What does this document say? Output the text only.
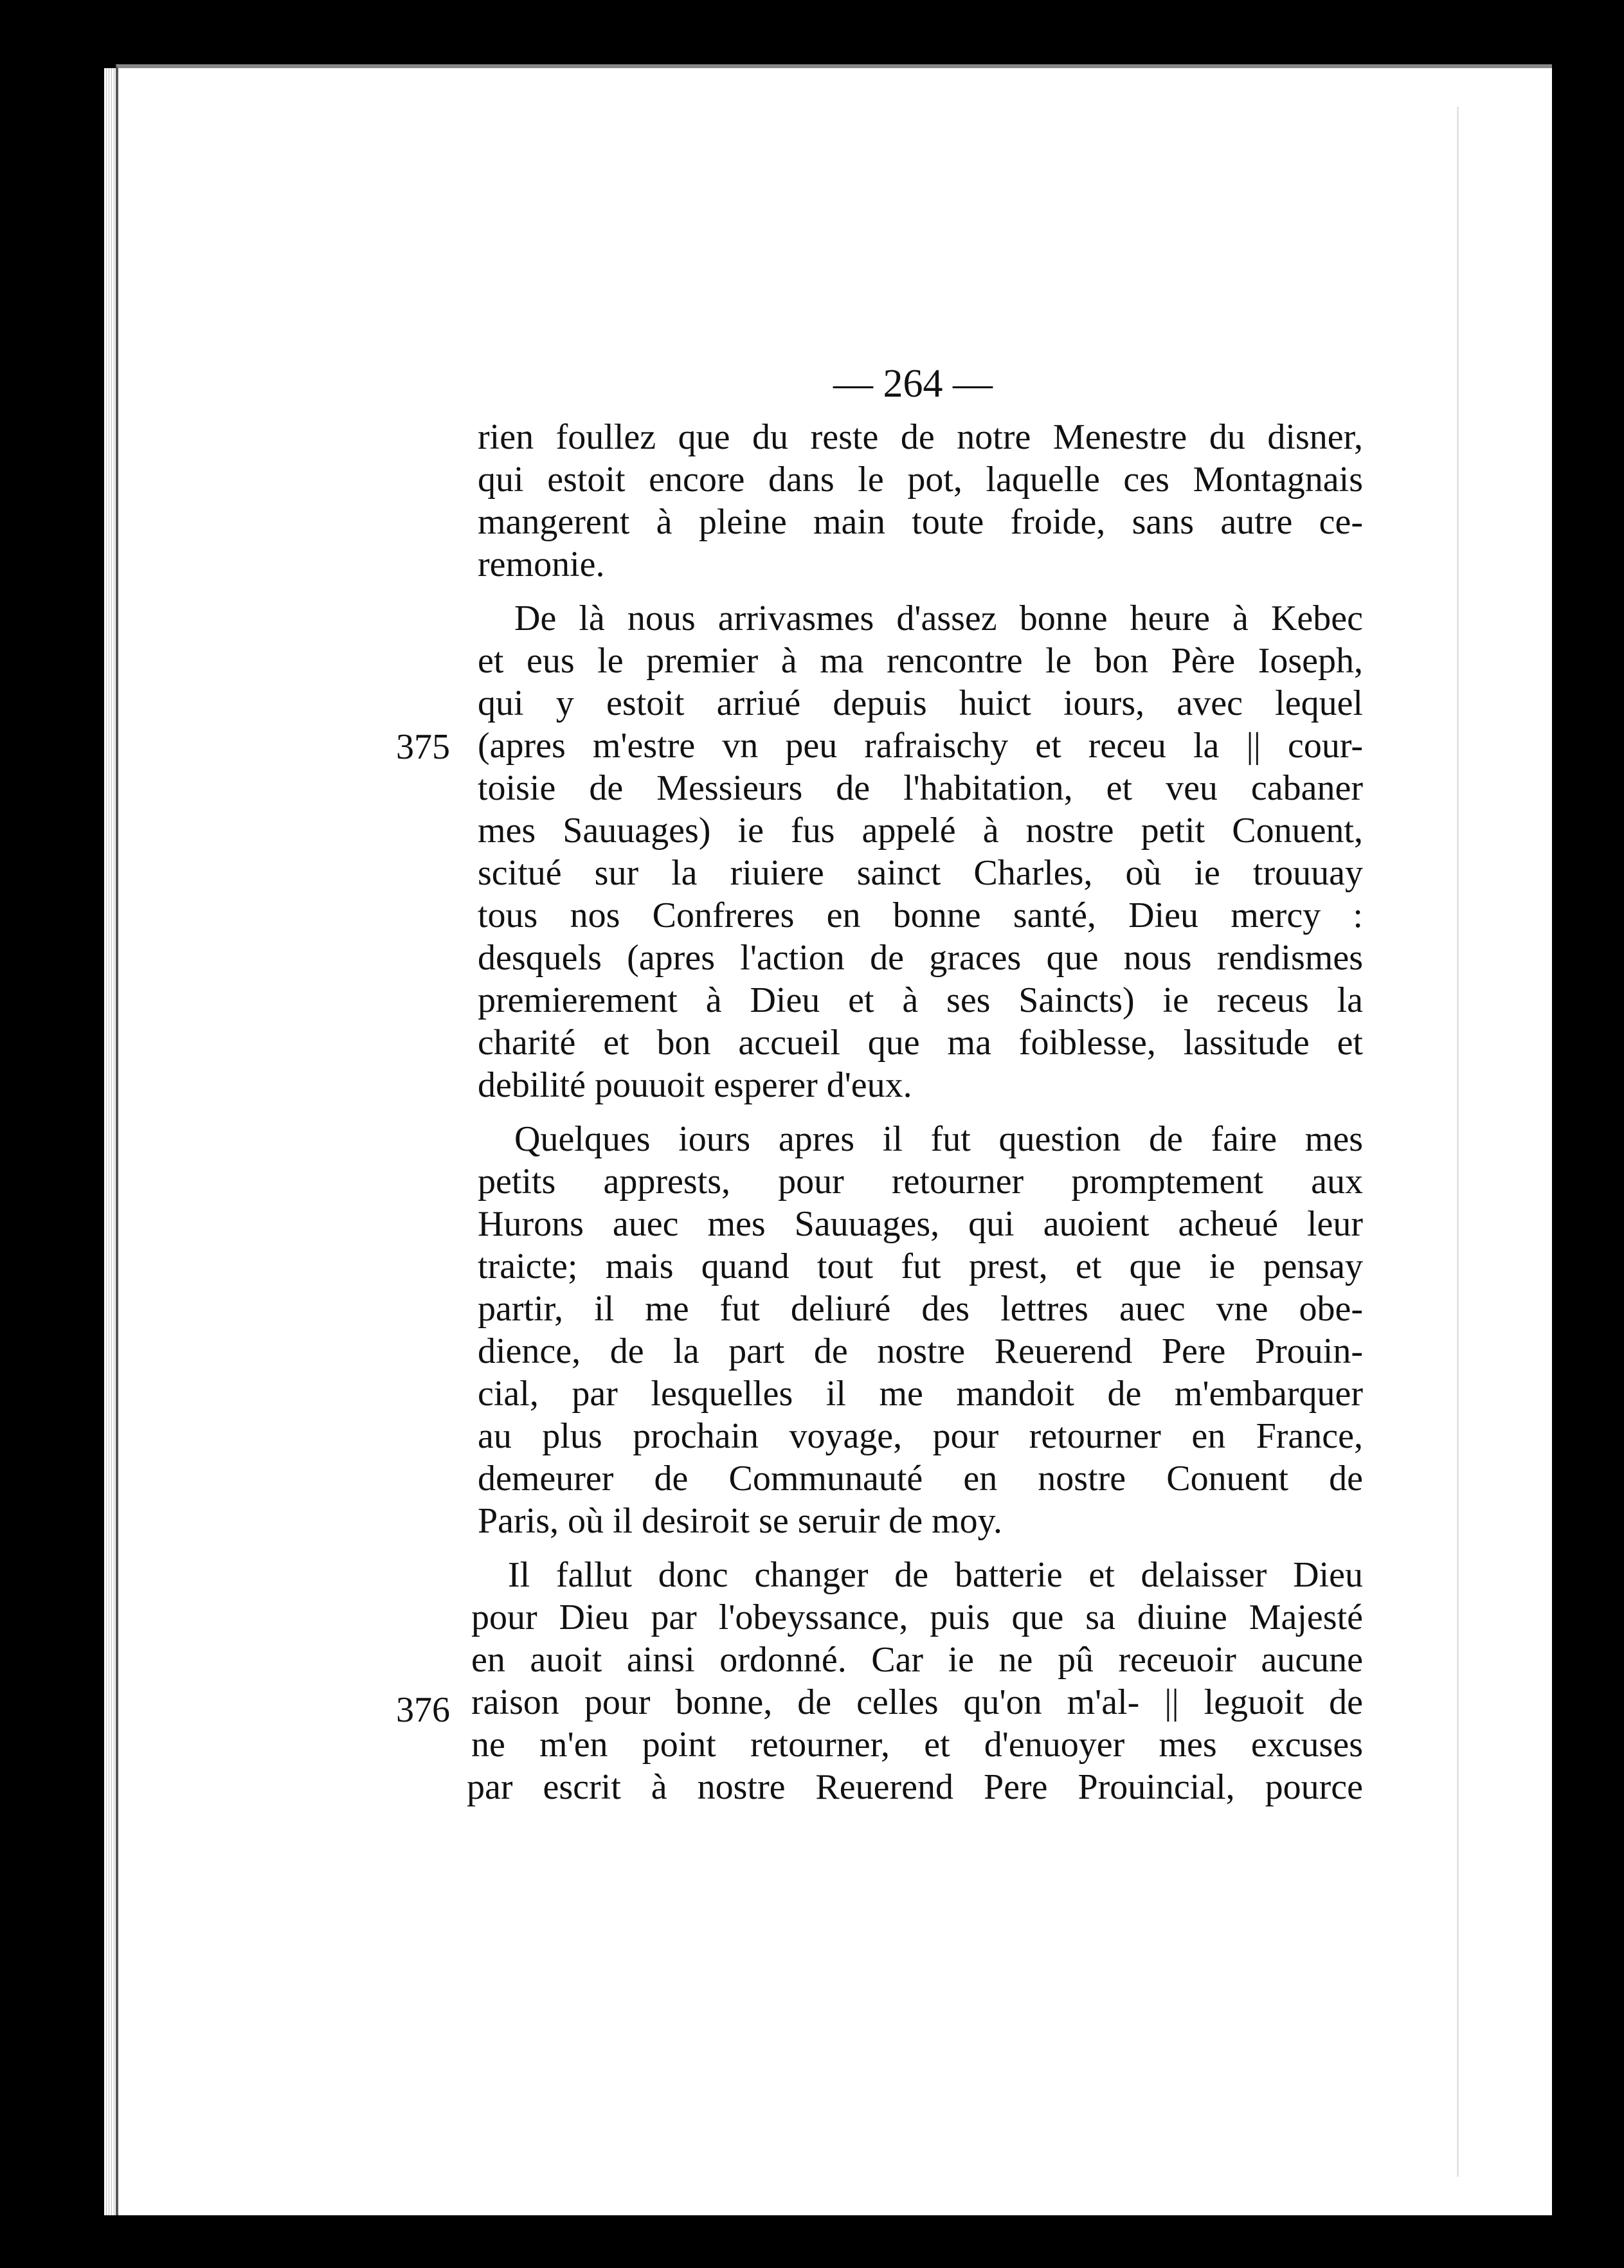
— 264 —
375
376
rien foullez que du reste de notre Menestre du disner,
qui estoit encore dans le pot, laquelle ces Montagnais
mangerent à pleine main toute froide, sans autre ce-
remonie.
De là nous arrivasmes d'assez bonne heure à Kebec
et eus le premier à ma rencontre le bon Père Ioseph,
qui y estoit arriué depuis huict iours, avec lequel
(apres m'estre vn peu rafraischy et receu la || cour-
toisie de Messieurs de l'habitation, et veu cabaner
mes Sauuages) ie fus appelé à nostre petit Conuent,
scitué sur la riuiere sainct Charles, où ie trouuay
tous nos Confreres en bonne santé, Dieu mercy :
desquels (apres l'action de graces que nous rendismes
premierement à Dieu et à ses Saincts) ie receus la
charité et bon accueil que ma foiblesse, lassitude et
debilité pouuoit esperer d'eux.
Quelques iours apres il fut question de faire mes
petits apprests, pour retourner promptement aux
Hurons auec mes Sauuages, qui auoient acheué leur
traicte; mais quand tout fut prest, et que ie pensay
partir, il me fut deliuré des lettres auec vne obe-
dience, de la part de nostre Reuerend Pere Prouin-
cial, par lesquelles il me mandoit de m'embarquer
au plus prochain voyage, pour retourner en France,
demeurer de Communauté en nostre Conuent de
Paris, où il desiroit se seruir de moy.
Il fallut donc changer de batterie et delaisser Dieu
pour Dieu par l'obeyssance, puis que sa diuine Majesté
en auoit ainsi ordonné. Car ie ne pû receuoir aucune
raison pour bonne, de celles qu'on m'al- || leguoit de
ne m'en point retourner, et d'enuoyer mes excuses
par escrit à nostre Reuerend Pere Prouincial, pource
